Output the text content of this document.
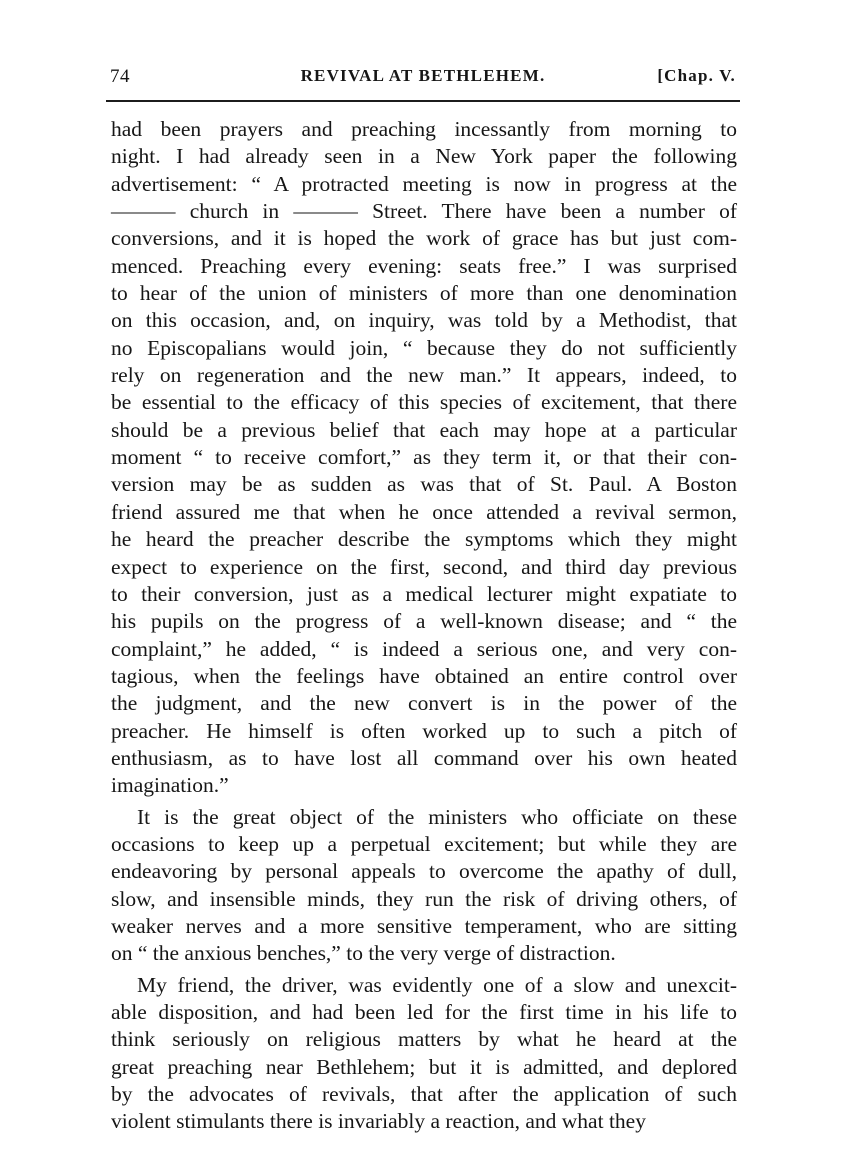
74	REVIVAL AT BETHLEHEM.	[Chap. V.
had been prayers and preaching incessantly from morning to
night. I had already seen in a New York paper the following
advertisement: “ A protracted meeting is now in progress at the
——— church in ——— Street. There have been a number of
conversions, and it is hoped the work of grace has but just com-
menced. Preaching every evening: seats free.” I was surprised
to hear of the union of ministers of more than one denomination
on this occasion, and, on inquiry, was told by a Methodist, that
no Episcopalians would join, “ because they do not sufficiently
rely on regeneration and the new man.” It appears, indeed, to
be essential to the efficacy of this species of excitement, that there
should be a previous belief that each may hope at a particular
moment “ to receive comfort,” as they term it, or that their con-
version may be as sudden as was that of St. Paul. A Boston
friend assured me that when he once attended a revival sermon,
he heard the preacher describe the symptoms which they might
expect to experience on the first, second, and third day previous
to their conversion, just as a medical lecturer might expatiate to
his pupils on the progress of a well-known disease; and “ the
complaint,” he added, “ is indeed a serious one, and very con-
tagious, when the feelings have obtained an entire control over
the judgment, and the new convert is in the power of the
preacher. He himself is often worked up to such a pitch of
enthusiasm, as to have lost all command over his own heated
imagination.”
It is the great object of the ministers who officiate on these
occasions to keep up a perpetual excitement; but while they are
endeavoring by personal appeals to overcome the apathy of dull,
slow, and insensible minds, they run the risk of driving others, of
weaker nerves and a more sensitive temperament, who are sitting
on “ the anxious benches,” to the very verge of distraction.
My friend, the driver, was evidently one of a slow and unexcit-
able disposition, and had been led for the first time in his life to
think seriously on religious matters by what he heard at the
great preaching near Bethlehem; but it is admitted, and deplored
by the advocates of revivals, that after the application of such
violent stimulants there is invariably a reaction, and what they
